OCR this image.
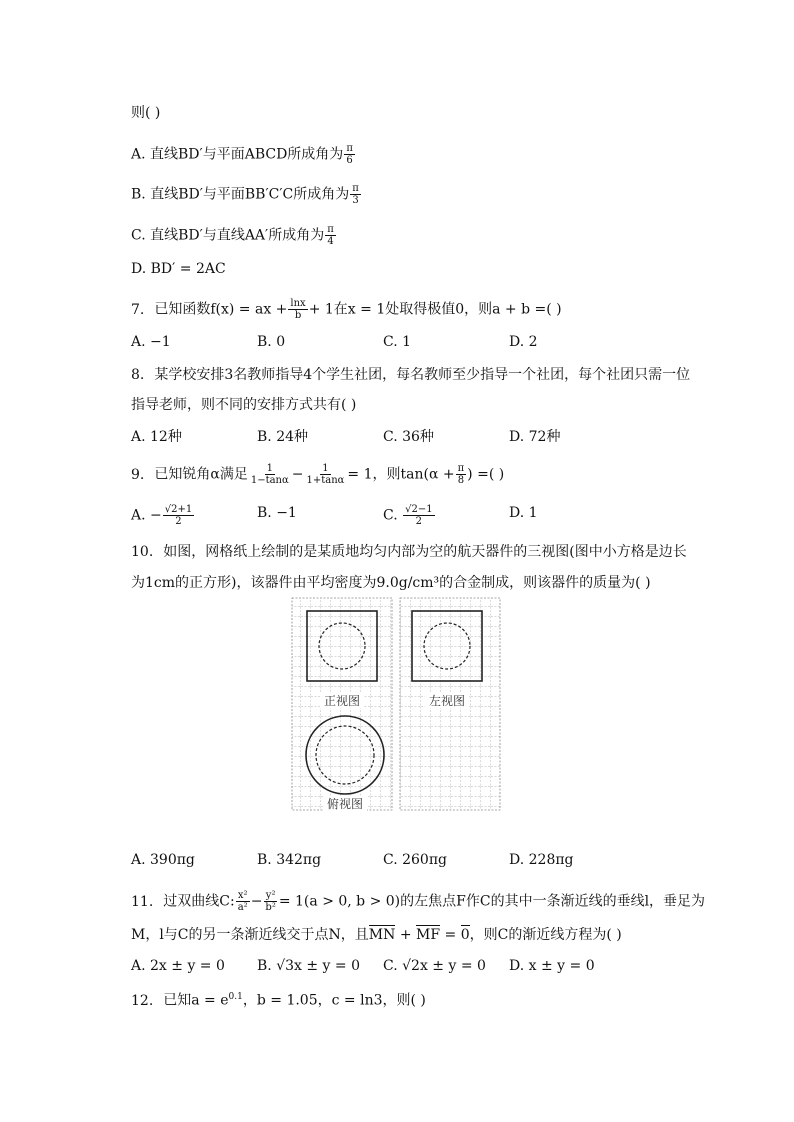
则( )
A. 直线BD′与平面ABCD所成角为 $\frac{\pi}{6}$
B. 直线BD′与平面BB′C′C所成角为 $\frac{\pi}{3}$
C. 直线BD′与直线AA′所成角为 $\frac{\pi}{4}$
D. BD′ = 2AC
7. 已知函数f(x) = ax + $\frac{\ln x}{b} + 1$在x = 1处取得极值0，则a + b =( )
A. −1	B. 0	C. 1	D. 2
8. 某学校安排3名教师指导4个学生社团，每名教师至少指导一个社团，每个社团只需一位
指导老师，则不同的安排方式共有( )
A. 12种	B. 24种	C. 36种	D. 72种
9. 已知锐角α满足 $\frac{1}{1-\tan\alpha} - \frac{1}{1+\tan\alpha} = 1$，则$\tan(\alpha + \frac{\pi}{8}$ ) =( )
A. − $\frac{√2+1}{2}$	B. −1	C. $\frac{√2-1}{2}$	D. 1
10. 如图，网格纸上绘制的是某质地均匀内部为空的航天器件的三视图(图中小方格是边长
为1cm的正方形)，该器件由平均密度为9.0g/cm³的合金制成，则该器件的质量为( )
正视图	左视图
俯视图
A. 390πg	B. 342πg	C. 260πg	D. 228πg
11. 过双曲线C: $\frac{\text{x²}}{\text{a²}} - \frac{\text{y²}}{\text{b²}} = 1(a > 0$, b > 0)的左焦点F作C的其中一条渐近线的垂线l，垂足为
M，l与C的另一条渐近线交于点N，且MN + MF = 0，则C的渐近线方程为( )
A. 2x ± y = 0 B. √3x ± y = 0 C. √2x ± y = 0 D. x ± y = 0
12. 已知$a = e^{0.1}$，b = 1.05，c = ln3，则( )
